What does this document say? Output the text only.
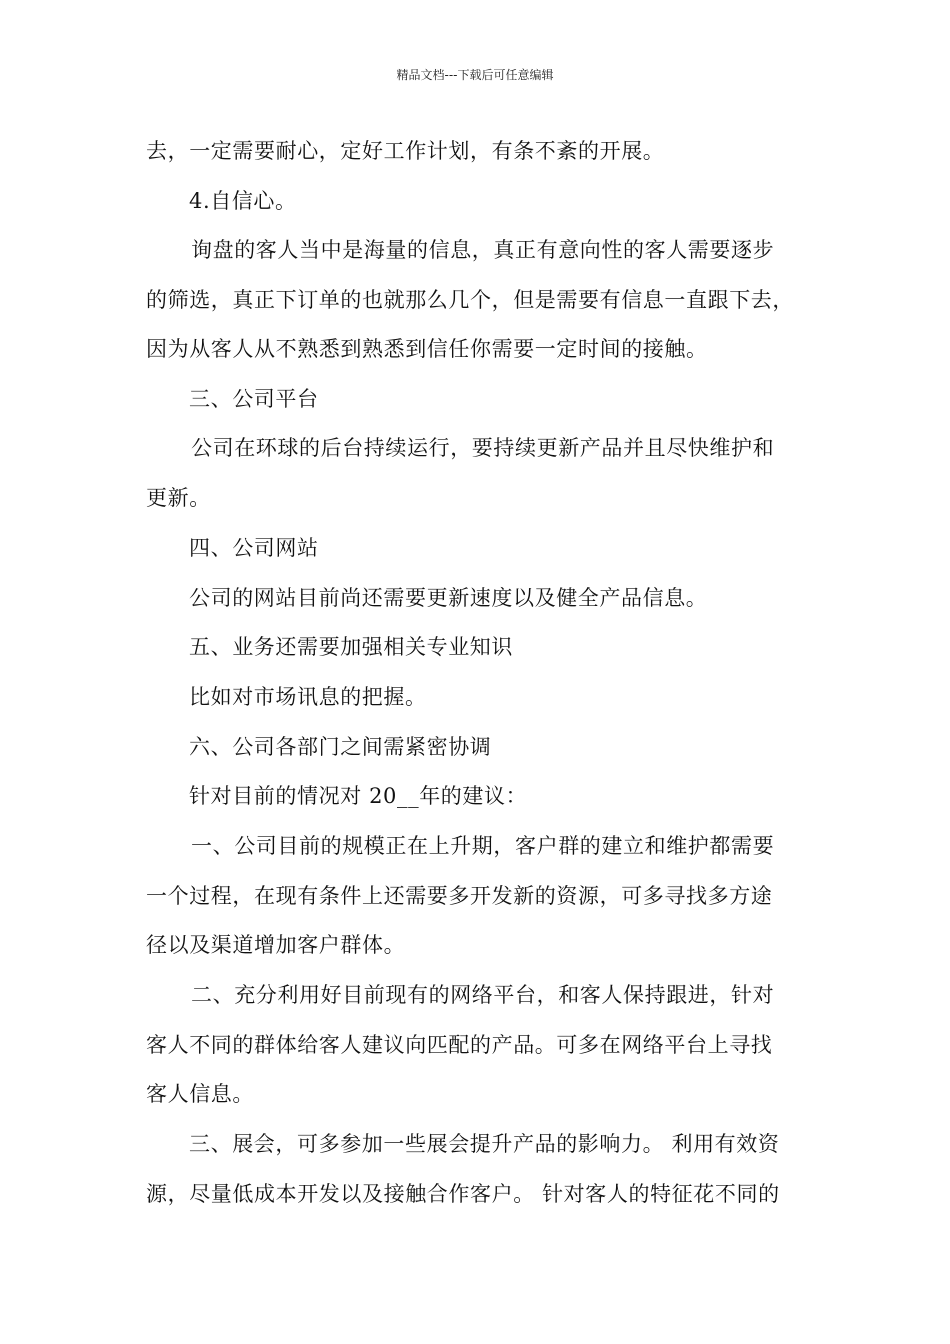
精品文档---下载后可任意编辑
去，一定需要耐心，定好工作计划，有条不紊的开展。
4.自信心。
询盘的客人当中是海量的信息，真正有意向性的客人需要逐步
的筛选，真正下订单的也就那么几个，但是需要有信息一直跟下去，
因为从客人从不熟悉到熟悉到信任你需要一定时间的接触。
三、公司平台
公司在环球的后台持续运行，要持续更新产品并且尽快维护和
更新。
四、公司网站
公司的网站目前尚还需要更新速度以及健全产品信息。
五、业务还需要加强相关专业知识
比如对市场讯息的把握。
六、公司各部门之间需紧密协调
针对目前的情况对 20__年的建议：
一、公司目前的规模正在上升期，客户群的建立和维护都需要
一个过程，在现有条件上还需要多开发新的资源，可多寻找多方途
径以及渠道增加客户群体。
二、充分利用好目前现有的网络平台，和客人保持跟进，针对
客人不同的群体给客人建议向匹配的产品。可多在网络平台上寻找
客人信息。
三、展会，可多参加一些展会提升产品的影响力。 利用有效资
源，尽量低成本开发以及接触合作客户。 针对客人的特征花不同的
